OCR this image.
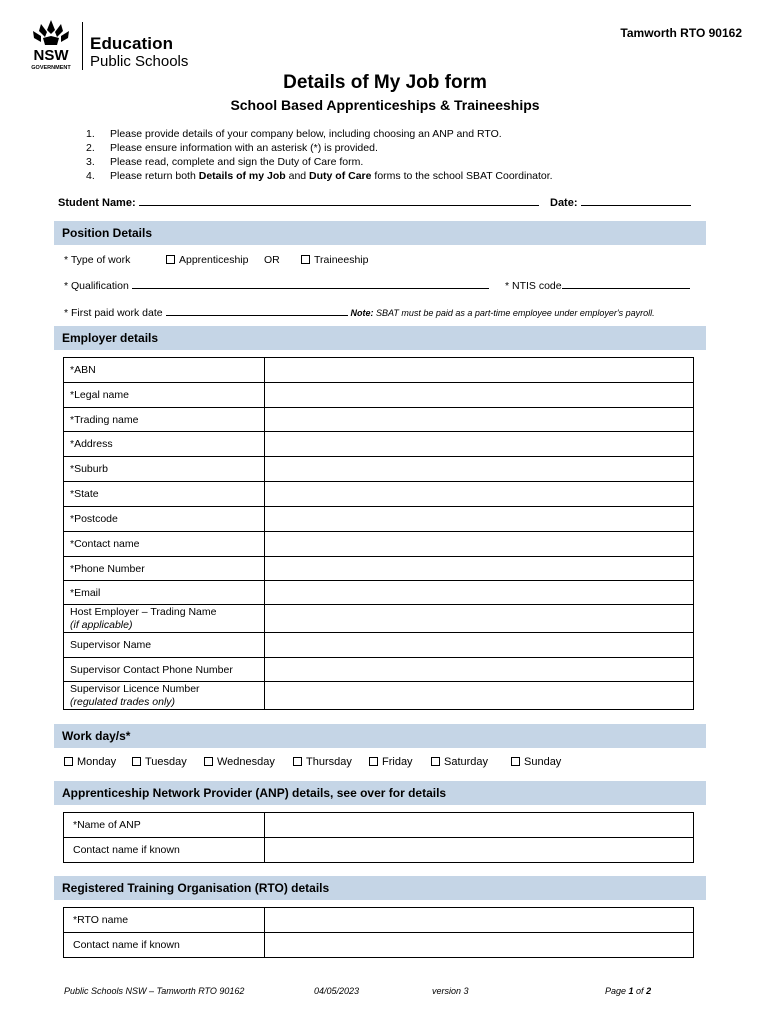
NSW
GOVERNMENT
Education
Public Schools
Tamworth RTO 90162
Details of My Job form
School Based Apprenticeships & Traineeships
1.	Please provide details of your company below, including choosing an ANP and RTO.
2.	Please ensure information with an asterisk (*) is provided.
3.	Please read, complete and sign the Duty of Care form.
4.	Please return both Details of my Job and Duty of Care forms to the school SBAT Coordinator.
Student Name:	Date:
Position Details
* Type of work	Apprenticeship OR	Traineeship
* Qualification	* NTIS code
* First paid work date	Note: SBAT must be paid as a part-time employee under employer's payroll.
Employer details
*ABN	
*Legal name	
*Trading name	
*Address	
*Suburb	
*State	
*Postcode	
*Contact name	
*Phone Number	
*Email	
Host Employer – Trading Name
(if applicable)	

Supervisor Name	
Supervisor Contact Phone Number	
Supervisor Licence Number
(regulated trades only)	

Work day/s*
Monday	Tuesday	Wednesday	Thursday	Friday	Saturday	Sunday
Apprenticeship Network Provider (ANP) details, see over for details
*Name of ANP	
Contact name if known	
Registered Training Organisation (RTO) details
*RTO name	
Contact name if known	
Public Schools NSW – Tamworth RTO 90162	04/05/2023	version 3	Page 1 of 2
